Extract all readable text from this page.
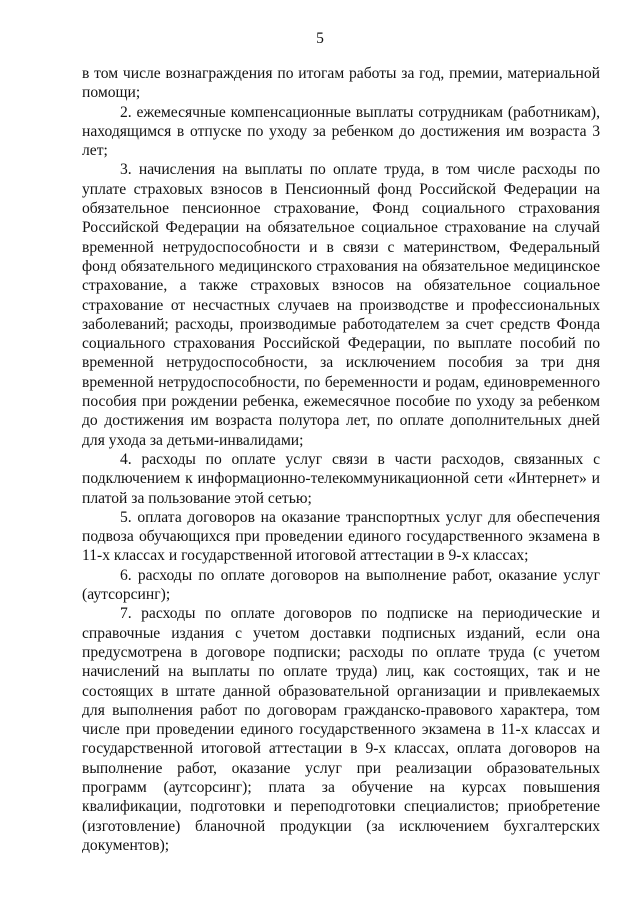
5

в том числе вознаграждения по итогам работы за год, премии, материальной помощи;

2. ежемесячные компенсационные выплаты сотрудникам (работникам), находящимся в отпуске по уходу за ребенком до достижения им возраста 3 лет;

3. начисления на выплаты по оплате труда, в том числе расходы по уплате страховых взносов в Пенсионный фонд Российской Федерации на обязательное пенсионное страхование, Фонд социального страхования Российской Федерации на обязательное социальное страхование на случай временной нетрудоспособности и в связи с материнством, Федеральный фонд обязательного медицинского страхования на обязательное медицинское страхование, а также страховых взносов на обязательное социальное страхование от несчастных случаев на производстве и профессиональных заболеваний; расходы, производимые работодателем за счет средств Фонда социального страхования Российской Федерации, по выплате пособий по временной нетрудоспособности, за исключением пособия за три дня временной нетрудоспособности, по беременности и родам, единовременного пособия при рождении ребенка, ежемесячное пособие по уходу за ребенком до достижения им возраста полутора лет, по оплате дополнительных дней для ухода за детьми-инвалидами;

4. расходы по оплате услуг связи в части расходов, связанных с подключением к информационно-телекоммуникационной сети «Интернет» и платой за пользование этой сетью;

5. оплата договоров на оказание транспортных услуг для обеспечения подвоза обучающихся при проведении единого государственного экзамена в 11-х классах и государственной итоговой аттестации в 9-х классах;

6. расходы по оплате договоров на выполнение работ, оказание услуг (аутсорсинг);

7. расходы по оплате договоров по подписке на периодические и справочные издания с учетом доставки подписных изданий, если она предусмотрена в договоре подписки; расходы по оплате труда (с учетом начислений на выплаты по оплате труда) лиц, как состоящих, так и не состоящих в штате данной образовательной организации и привлекаемых для выполнения работ по договорам гражданско-правового характера, том числе при проведении единого государственного экзамена в 11-х классах и государственной итоговой аттестации в 9-х классах, оплата договоров на выполнение работ, оказание услуг при реализации образовательных программ (аутсорсинг); плата за обучение на курсах повышения квалификации, подготовки и переподготовки специалистов; приобретение (изготовление) бланочной продукции (за исключением бухгалтерских документов);
